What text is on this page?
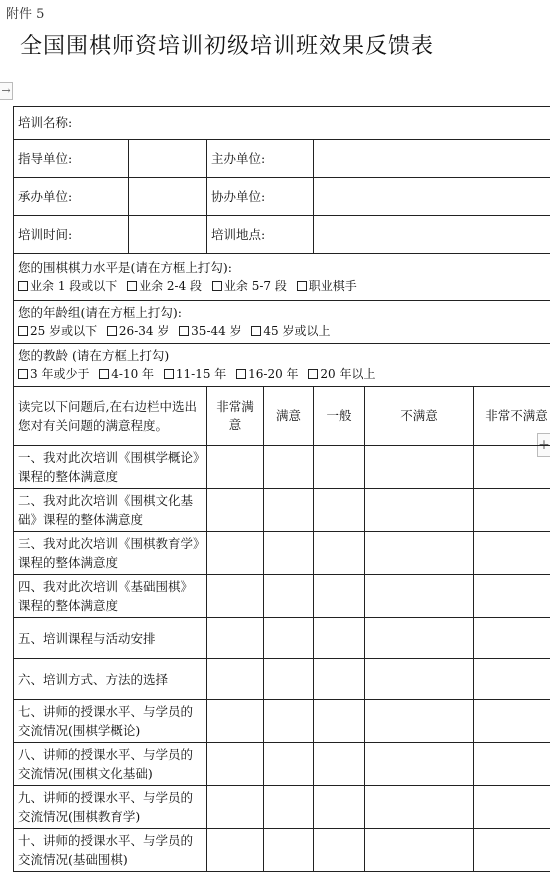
附件 5
全国围棋师资培训初级培训班效果反馈表
→
+
培训名称:						
指导单位:		主办单位:				
承办单位:		协办单位:				
培训时间:		培训地点:				

您的围棋棋力水平是(请在方框上打勾):
业余 1 段或以下 业余 2-4 段 业余 5-7 段 职业棋手						

您的年龄组(请在方框上打勾):
25 岁或以下 26-34 岁 35-44 岁 45 岁或以上						

您的教龄 (请在方框上打勾)
3 年或少于 4-10 年 11-15 年 16-20 年 20 年以上						

读完以下问题后,在右边栏中选出您对有关问题的满意程度。		非常满意	满意	一般	不满意	非常不满意
一、我对此次培训《围棋学概论》课程的整体满意度						
二、我对此次培训《围棋文化基础》课程的整体满意度						
三、我对此次培训《围棋教育学》课程的整体满意度						
四、我对此次培训《基础围棋》课程的整体满意度						
五、培训课程与活动安排						
六、培训方式、方法的选择						
七、讲师的授课水平、与学员的交流情况(围棋学概论)						
八、讲师的授课水平、与学员的交流情况(围棋文化基础)						
九、讲师的授课水平、与学员的交流情况(围棋教育学)						
十、讲师的授课水平、与学员的交流情况(基础围棋)						
